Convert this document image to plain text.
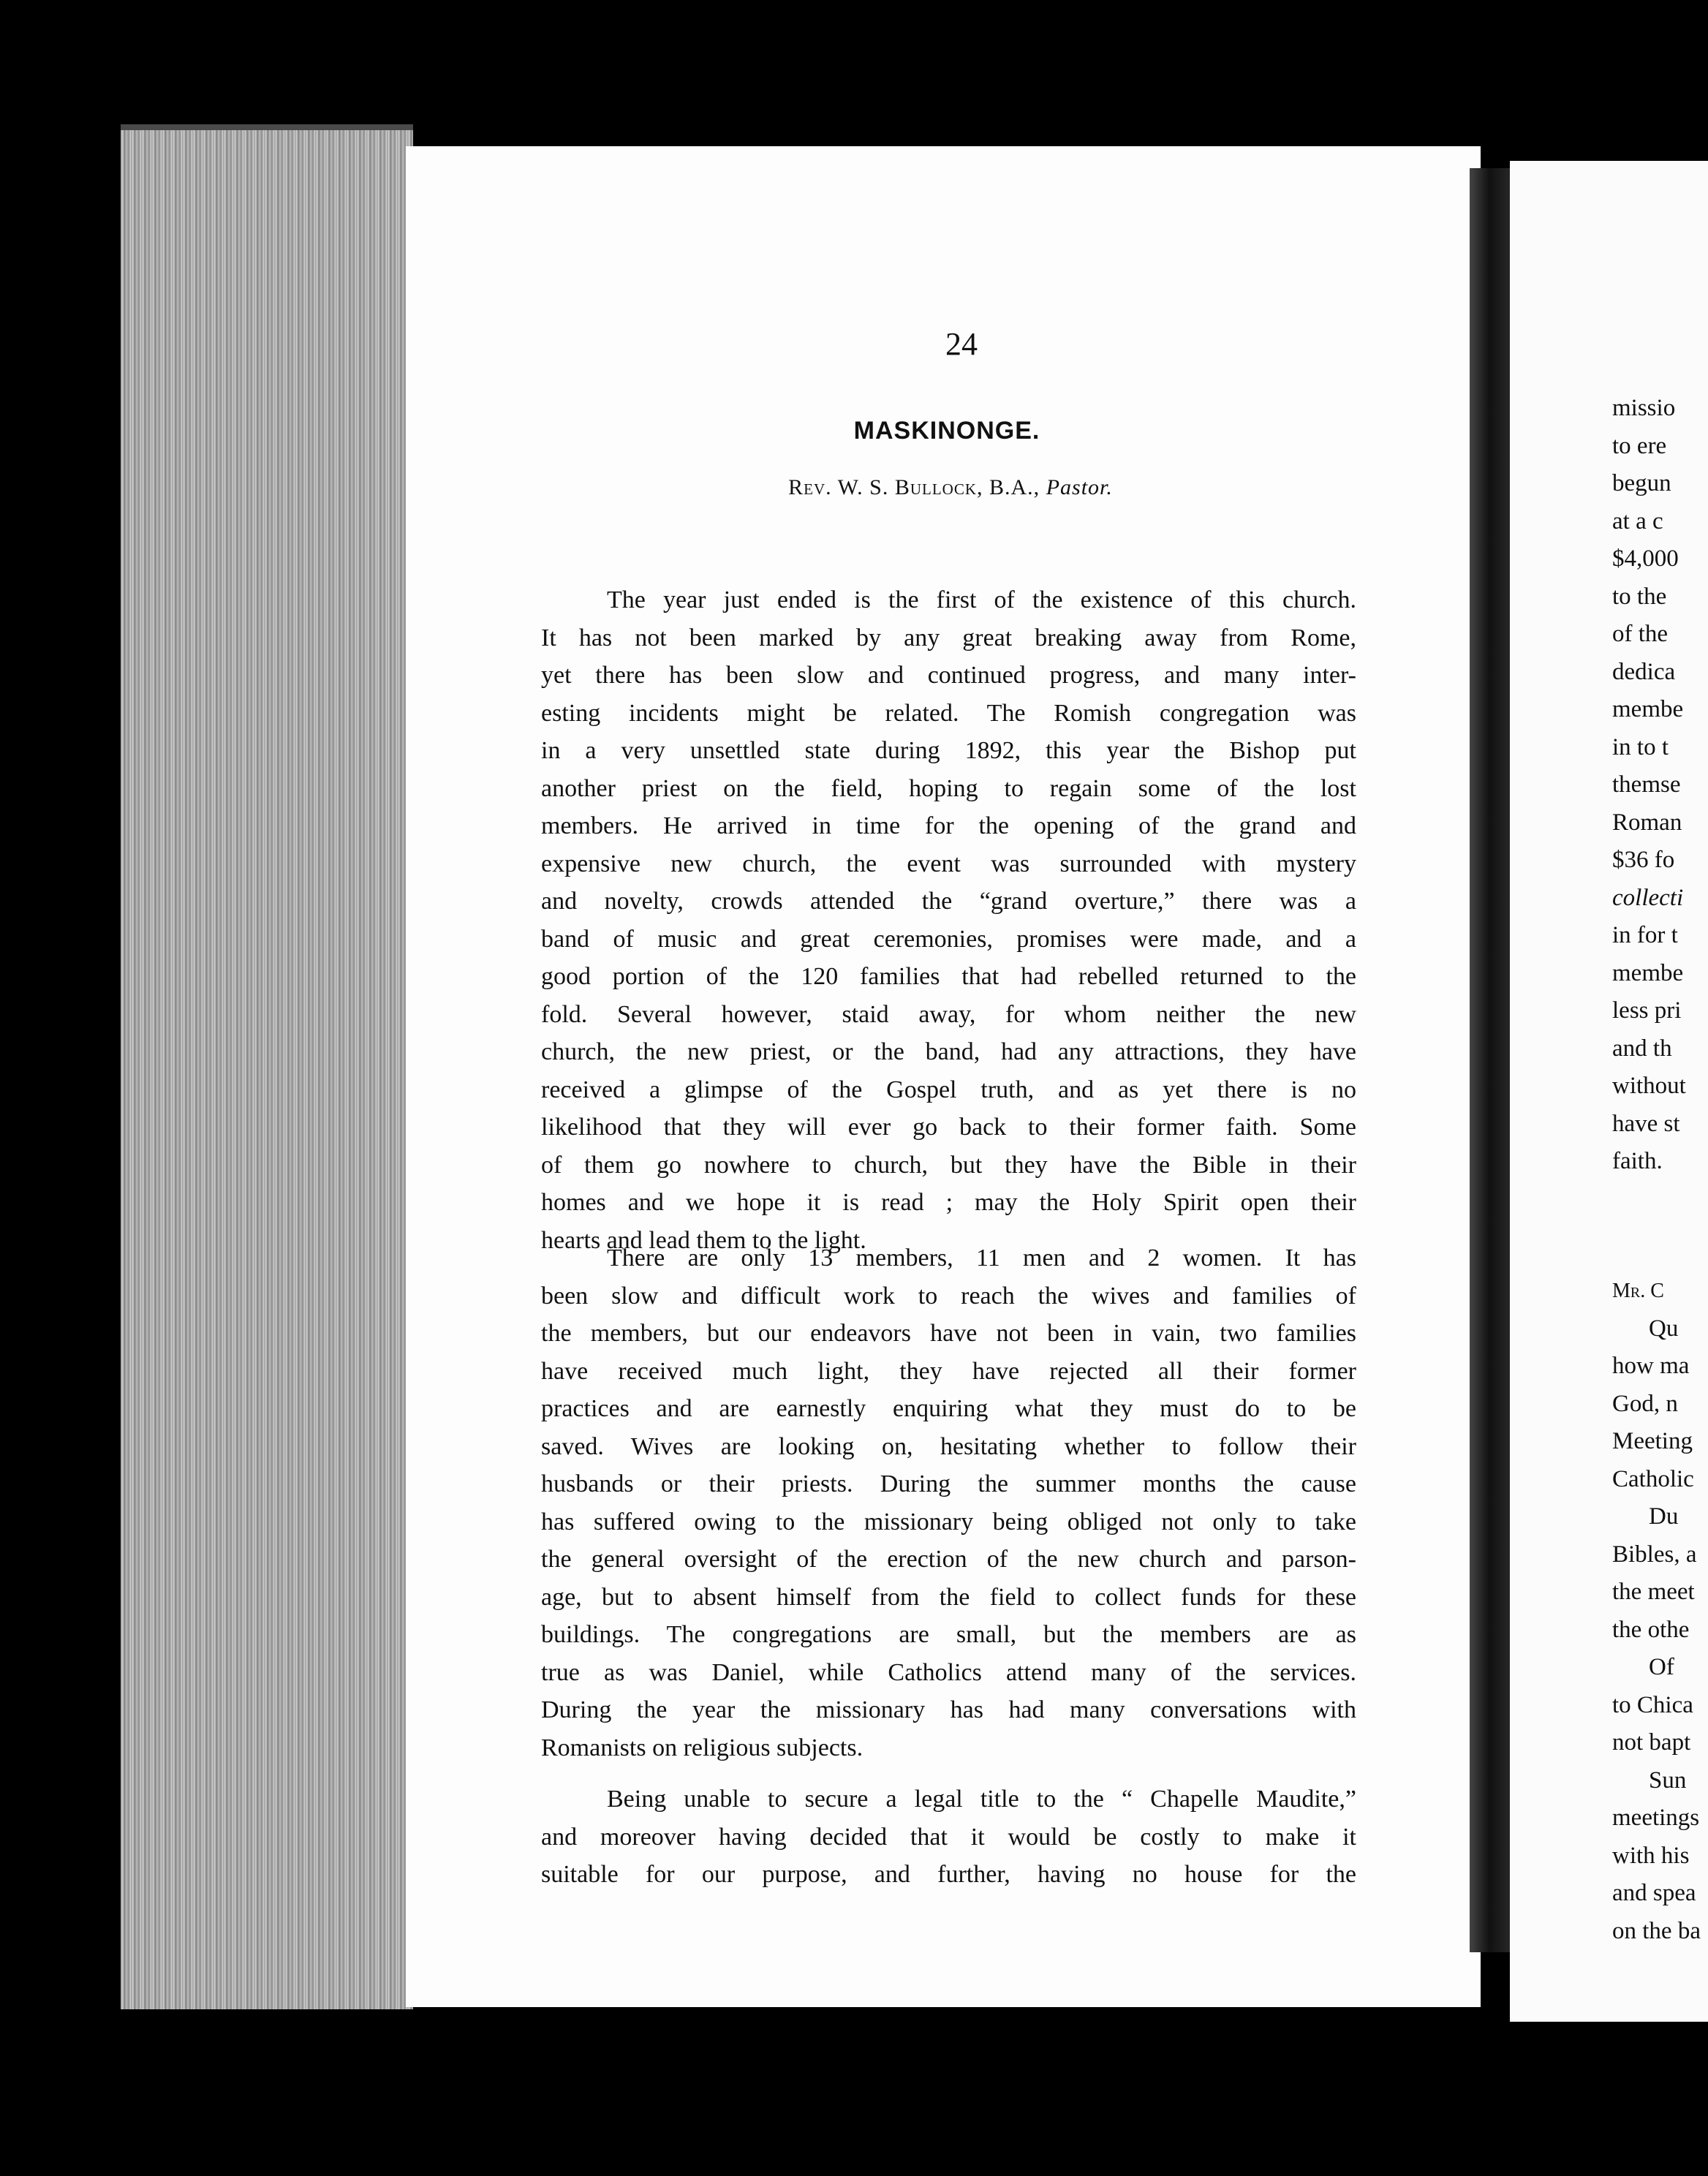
24
MASKINONGE.
Rev. W. S. Bullock, B.A., Pastor.
The year just ended is the first of the existence of this church.
It has not been marked by any great breaking away from Rome,
yet there has been slow and continued progress, and many inter-
esting incidents might be related. The Romish congregation was
in a very unsettled state during 1892, this year the Bishop put
another priest on the field, hoping to regain some of the lost
members. He arrived in time for the opening of the grand and
expensive new church, the event was surrounded with mystery
and novelty, crowds attended the “grand overture,” there was a
band of music and great ceremonies, promises were made, and a
good portion of the 120 families that had rebelled returned to the
fold. Several however, staid away, for whom neither the new
church, the new priest, or the band, had any attractions, they have
received a glimpse of the Gospel truth, and as yet there is no
likelihood that they will ever go back to their former faith. Some
of them go nowhere to church, but they have the Bible in their
homes and we hope it is read ; may the Holy Spirit open their
hearts and lead them to the light.
There are only 13 members, 11 men and 2 women. It has
been slow and difficult work to reach the wives and families of
the members, but our endeavors have not been in vain, two families
have received much light, they have rejected all their former
practices and are earnestly enquiring what they must do to be
saved. Wives are looking on, hesitating whether to follow their
husbands or their priests. During the summer months the cause
has suffered owing to the missionary being obliged not only to take
the general oversight of the erection of the new church and parson-
age, but to absent himself from the field to collect funds for these
buildings. The congregations are small, but the members are as
true as was Daniel, while Catholics attend many of the services.
During the year the missionary has had many conversations with
Romanists on religious subjects.
Being unable to secure a legal title to the “ Chapelle Maudite,”
and moreover having decided that it would be costly to make it
suitable for our purpose, and further, having no house for the
missio
to ere
begun
at a c
$4,000
to the
of the
dedica
membe
in to t
themse
Roman
$36 fo
collecti
in for t
membe
less pri
and th
without
have st
faith.
Mr. C
Qu
how ma
God, n
Meeting
Catholic
Du
Bibles, a
the meet
the othe
Of
to Chica
not bapt
Sun
meetings
with his
and spea
on the ba
